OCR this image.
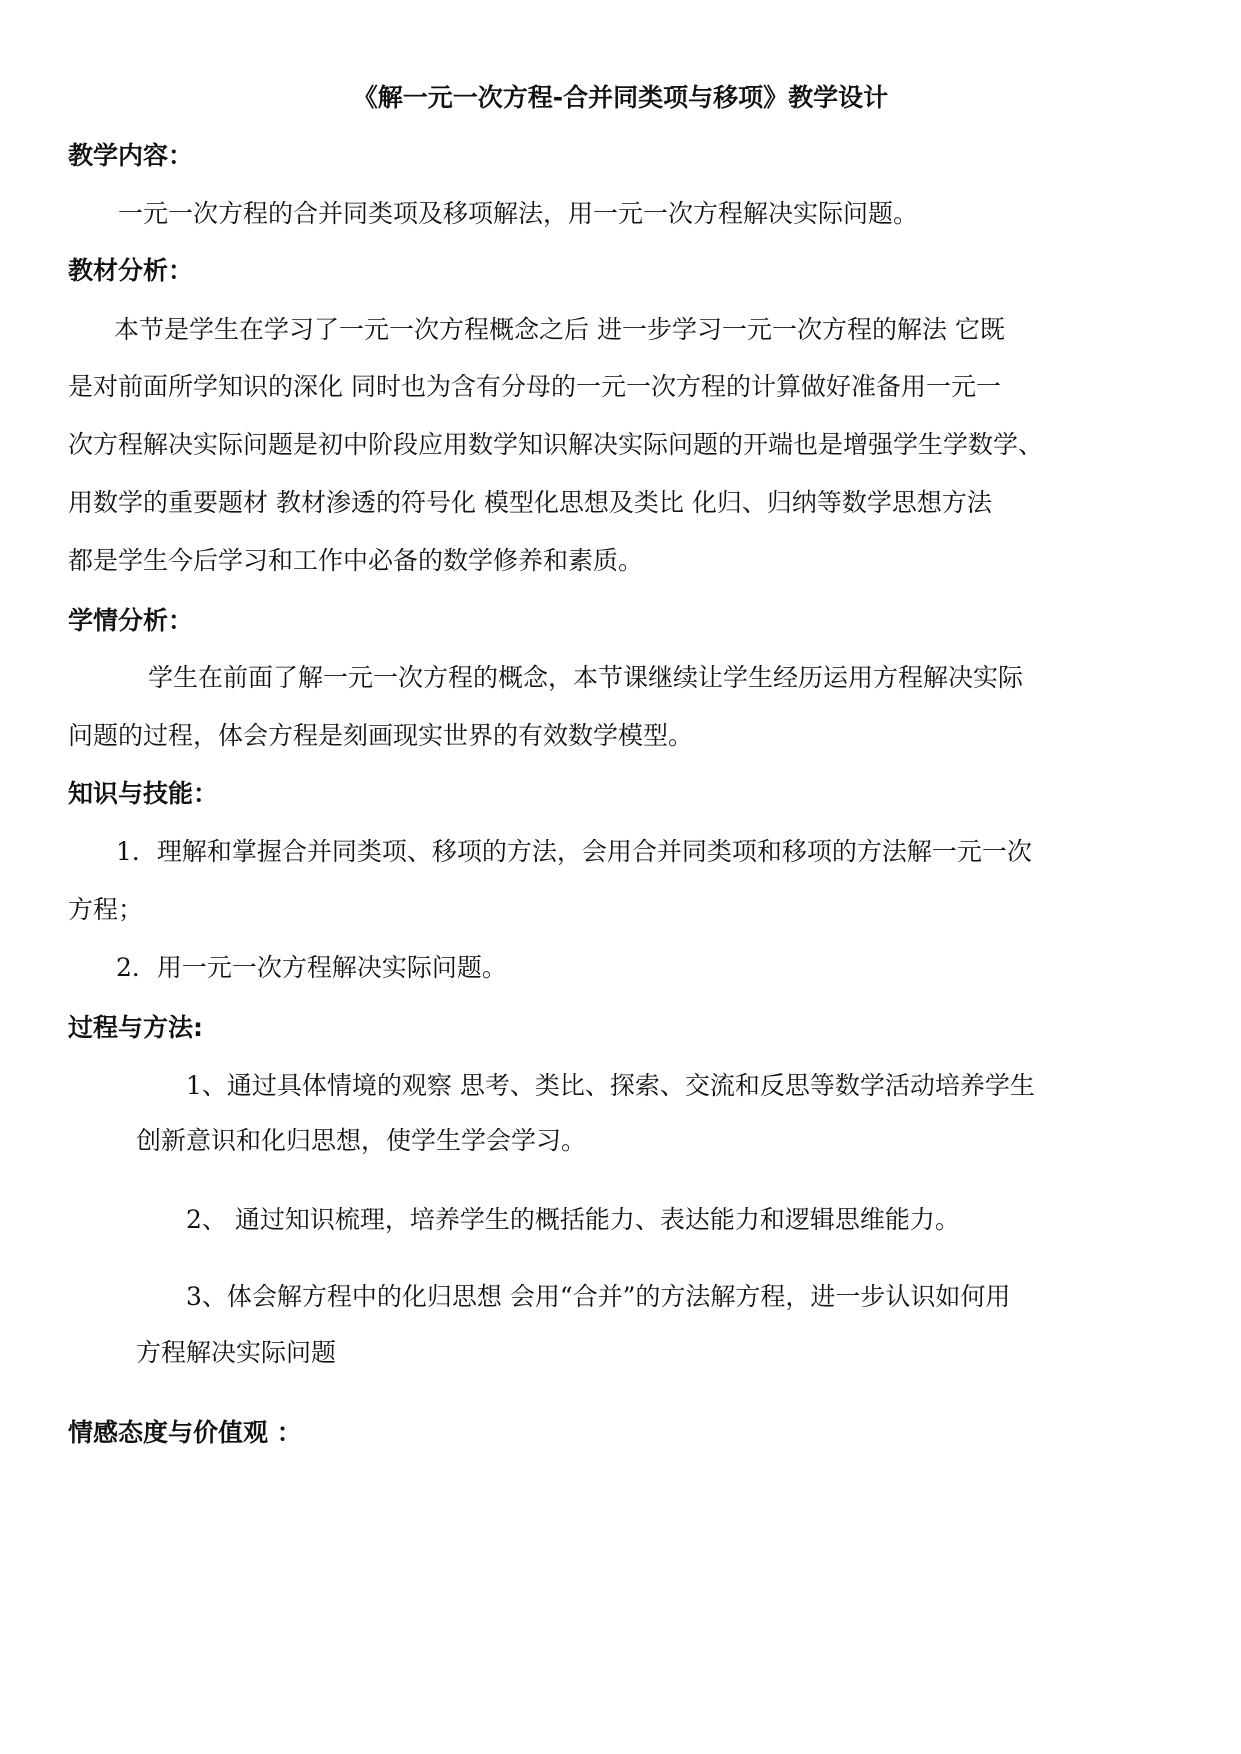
《解一元一次方程-合并同类项与移项》教学设计
教学内容：
一元一次方程的合并同类项及移项解法，用一元一次方程解决实际问题。
教材分析：
本节是学生在学习了一元一次方程概念之后 进一步学习一元一次方程的解法 它既
是对前面所学知识的深化 同时也为含有分母的一元一次方程的计算做好准备用一元一
次方程解决实际问题是初中阶段应用数学知识解决实际问题的开端也是增强学生学数学、
用数学的重要题材 教材渗透的符号化 模型化思想及类比 化归、归纳等数学思想方法
都是学生今后学习和工作中必备的数学修养和素质。
学情分析：
学生在前面了解一元一次方程的概念，本节课继续让学生经历运用方程解决实际
问题的过程，体会方程是刻画现实世界的有效数学模型。
知识与技能：
1．理解和掌握合并同类项、移项的方法，会用合并同类项和移项的方法解一元一次
方程；
2．用一元一次方程解决实际问题。
过程与方法:
1、通过具体情境的观察 思考、类比、探索、交流和反思等数学活动培养学生
创新意识和化归思想，使学生学会学习。
2、 通过知识梳理，培养学生的概括能力、表达能力和逻辑思维能力。
3、体会解方程中的化归思想 会用“合并”的方法解方程，进一步认识如何用
方程解决实际问题
情感态度与价值观 ：
